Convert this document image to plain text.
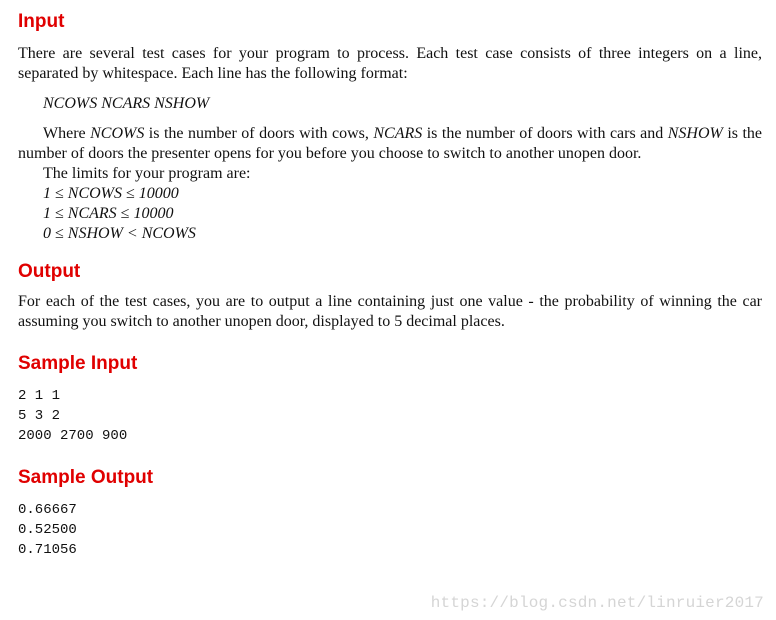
Input

There are several test cases for your program to process. Each test case consists of three integers on a line, separated by whitespace. Each line has the following format:

NCOWS NCARS NSHOW

Where NCOWS is the number of doors with cows, NCARS is the number of doors with cars and NSHOW is the number of doors the presenter opens for you before you choose to switch to another unopen door.

The limits for your program are:

1 ≤ NCOWS ≤ 10000

1 ≤ NCARS ≤ 10000

0 ≤ NSHOW < NCOWS

Output

For each of the test cases, you are to output a line containing just one value - the probability of winning the car assuming you switch to another unopen door, displayed to 5 decimal places.

Sample Input
2 1 1
5 3 2
2000 2700 900
Sample Output
0.66667
0.52500
0.71056
https://blog.csdn.net/linruier2017
